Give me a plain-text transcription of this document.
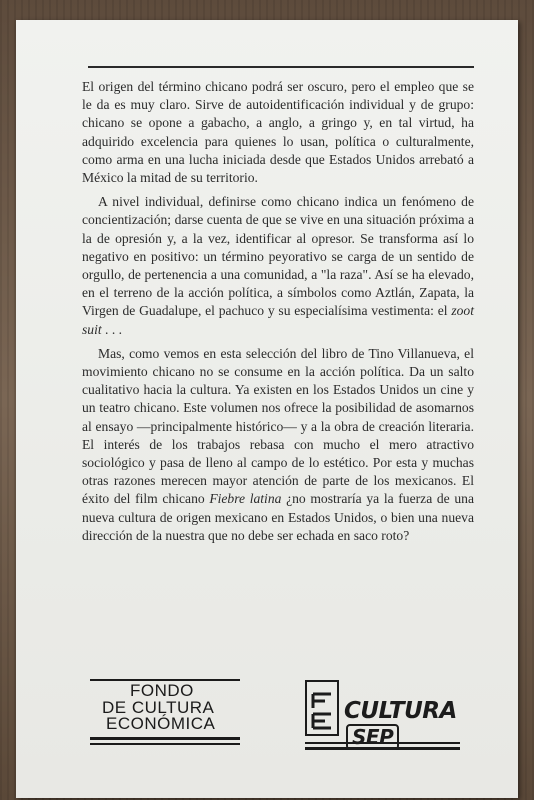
El origen del término chicano podrá ser oscuro, pero el empleo que se le da es muy claro. Sirve de autoidentificación individual y de grupo: chicano se opone a gabacho, a anglo, a gringo y, en tal virtud, ha adquirido excelencia para quienes lo usan, política o culturalmente, como arma en una lucha iniciada desde que Estados Unidos arrebató a México la mitad de su territorio.

A nivel individual, definirse como chicano indica un fenómeno de concientización; darse cuenta de que se vive en una situación próxima a la de opresión y, a la vez, identificar al opresor. Se transforma así lo negativo en positivo: un término peyorativo se carga de un sentido de orgullo, de pertenencia a una comunidad, a "la raza". Así se ha elevado, en el terreno de la acción política, a símbolos como Aztlán, Zapata, la Virgen de Guadalupe, el pachuco y su especialísima vestimenta: el zoot suit . . .

Mas, como vemos en esta selección del libro de Tino Villanueva, el movimiento chicano no se consume en la acción política. Da un salto cualitativo hacia la cultura. Ya existen en los Estados Unidos un cine y un teatro chicano. Este volumen nos ofrece la posibilidad de asomarnos al ensayo —principalmente histórico— y a la obra de creación literaria. El interés de los trabajos rebasa con mucho el mero atractivo sociológico y pasa de lleno al campo de lo estético. Por esta y muchas otras razones merecen mayor atención de parte de los mexicanos. El éxito del film chicano Fiebre latina ¿no mostraría ya la fuerza de una nueva cultura de origen mexicano en Estados Unidos, o bien una nueva dirección de la nuestra que no debe ser echada en saco roto?

FONDO
DE CULTURA
ECONÓMICA	CULTURASEP
